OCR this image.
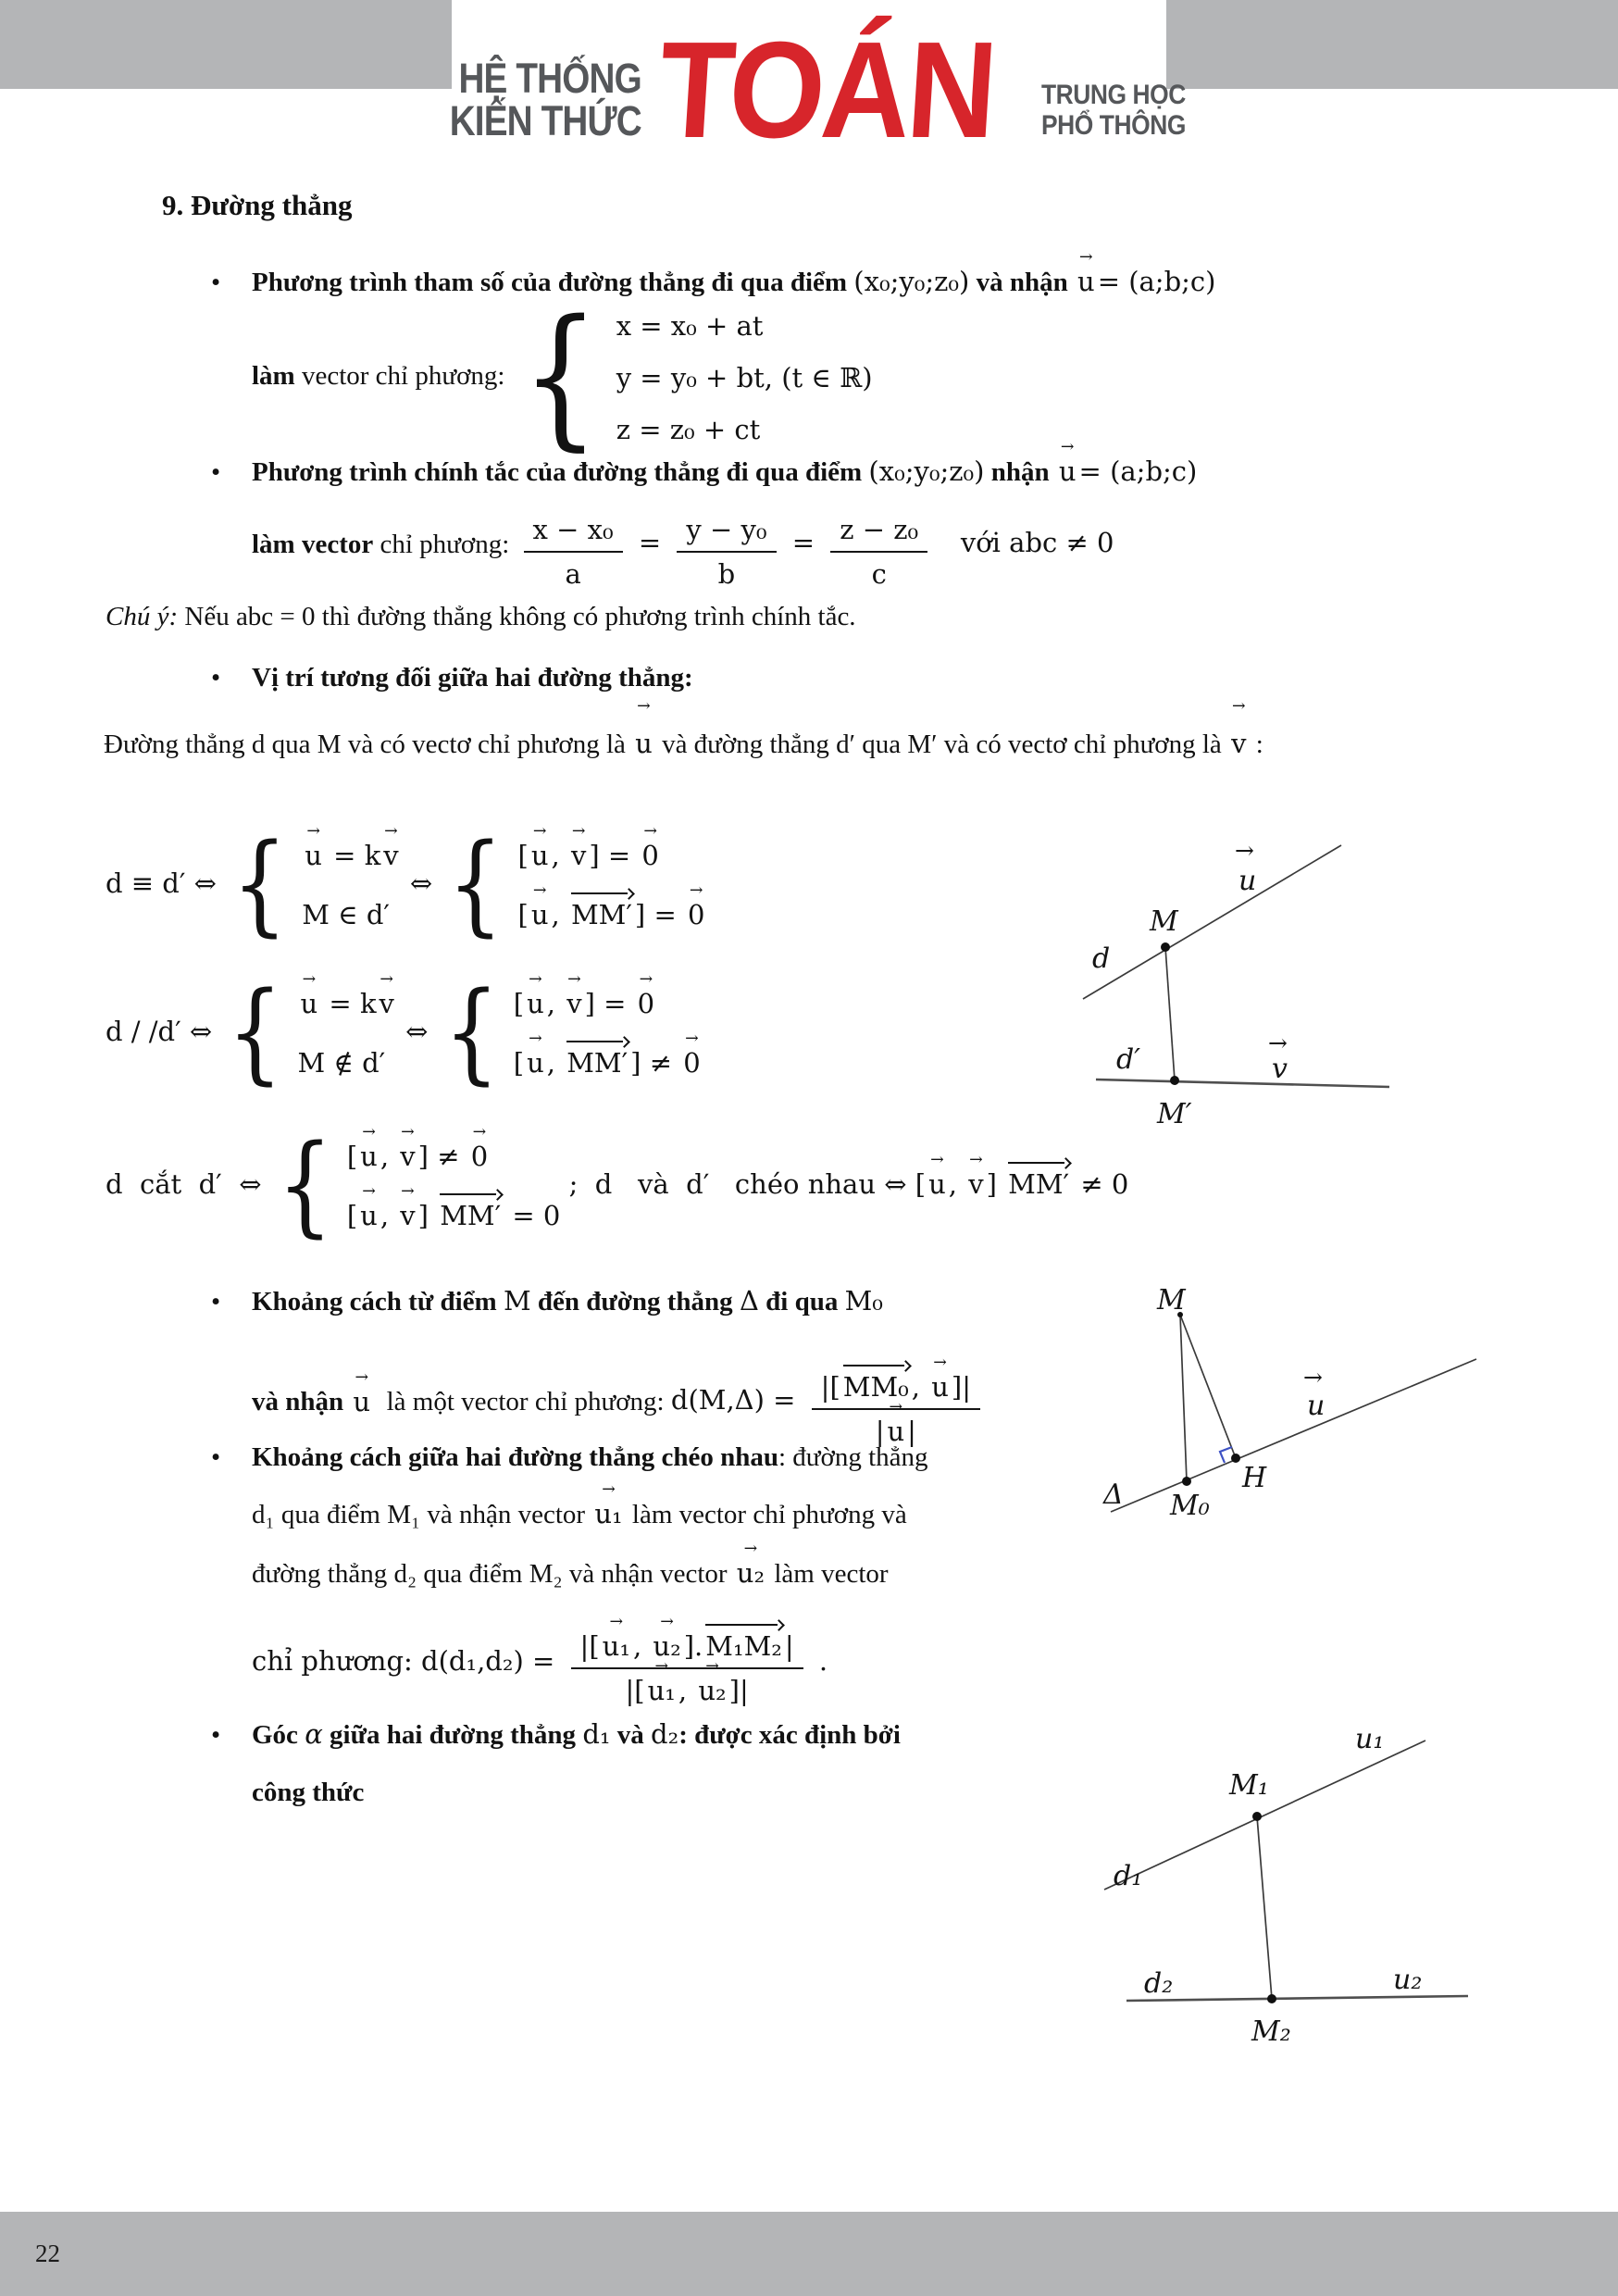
HỆ THỐNG
KIẾN THỨC TOÁN TRUNG HỌC
PHỔ THÔNG
9. Đường thẳng
• Phương trình tham số của đường thẳng đi qua điểm (x₀;y₀;z₀) và nhận → u = (a;b;c)
làm vector chỉ phương: { x = x₀ + at
y = y₀ + bt, (t ∈ ℝ)
z = z₀ + ct
• Phương trình chính tắc của đường thẳng đi qua điểm (x₀;y₀;z₀) nhận → u = (a;b;c)
làm vector chỉ phương: $\frac{\text{x − x₀}}{a} = \frac{\text{y − y₀}}{b} = \frac{\text{z − z₀}}{c}$ với abc ≠ 0
Chú ý: Nếu abc = 0 thì đường thẳng không có phương trình chính tắc.
• Vị trí tương đối giữa hai đường thẳng:
Đường thẳng d qua M và có vectơ chỉ phương là → u và đường thẳng d′ qua M′ và có vectơ chỉ phương là → v :
d ≡ d′ ⇔ { → u = k → v
M ∈ d′
⇔ { [ → u , → v ] = → 0
[ → u , MM′ ] = → 0
d / /d′ ⇔ { → u = k → v
M ∉ d′
⇔ { [ → u , → v ] = → 0
[ → u , MM′ ] ≠ → 0
d  cắt  d′  ⇔ { [ → u , → v ] ≠ → 0
[ → u , → v ] MM′ = 0
;  d   và  d′   chéo nhau ⇔ [ → u , → v ] MM′ ≠ 0
d
M
→
u
d′
→
v
M′
• Khoảng cách từ điểm M đến đường thẳng Δ đi qua M₀
và nhận → u là một vector chỉ phương: $d(M,\Delta) = \frac{\text{|[ MM₀ , → u ]|}}{| \to u |}$
M
Δ M₀
H
→
u
• Khoảng cách giữa hai đường thẳng chéo nhau: đường thẳng
d₁ qua điểm M₁ và nhận vector → u₁ làm vector chỉ phương và
đường thẳng d₂ qua điểm M₂ và nhận vector → u₂ làm vector
chỉ phương: $d(d_1,d_2) = \frac{\text{|[ → u₁ , → u₂ ]. M₁M₂ |}}{\text{|[ → u₁ , → u₂ ]|}}$ .
• Góc α giữa hai đường thẳng d₁ và d₂: được xác định bởi
công thức
d₁
M₁
u₁
d₂	u₂
M₂
22
